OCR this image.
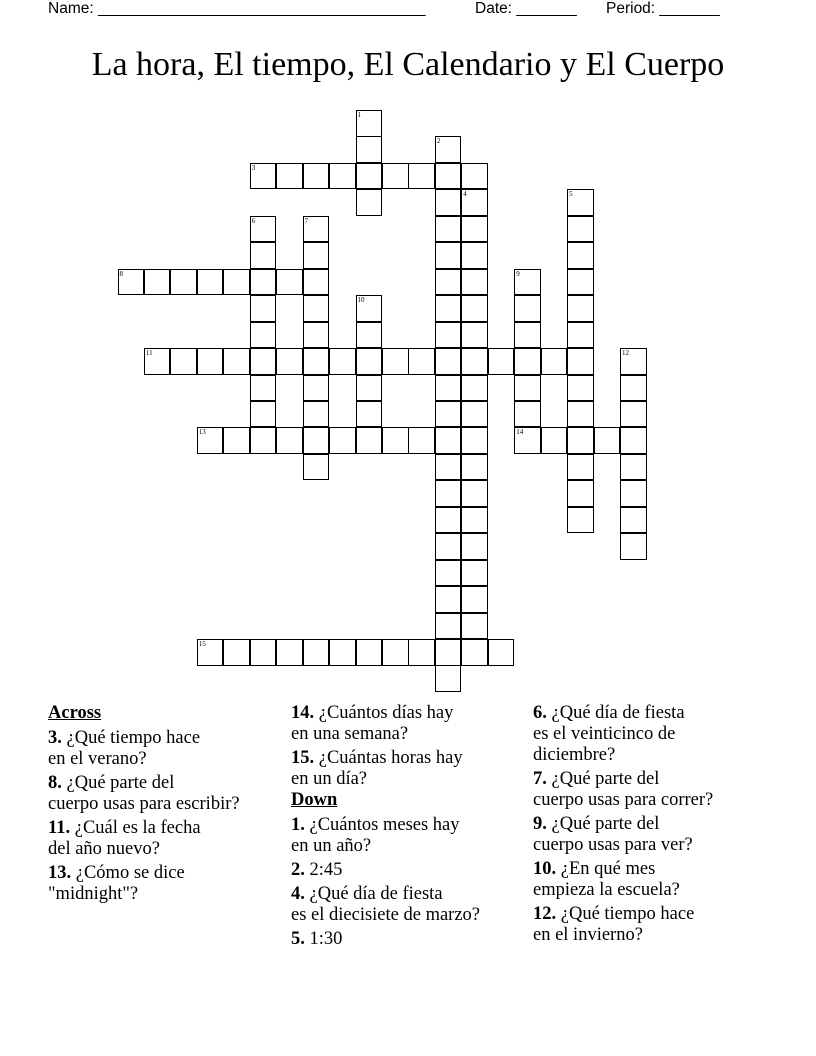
Name: ______________________________________

	Date: _______

Period: _______

La hora, El tiempo, El Calendario y El Cuerpo
1
2
3
4	5
6	7
8	9
10
11	12
13	14
15
Across
3. ¿Qué tiempo hace
en el verano?
8. ¿Qué parte del
cuerpo usas para escribir?
11. ¿Cuál es la fecha
del año nuevo?
13. ¿Cómo se dice
"midnight"?
14. ¿Cuántos días hay
en una semana?
15. ¿Cuántas horas hay
en un día?
Down
1. ¿Cuántos meses hay
en un año?
2. 2:45
4. ¿Qué día de fiesta
es el diecisiete de marzo?
5. 1:30
6. ¿Qué día de fiesta
es el veinticinco de
diciembre?
7. ¿Qué parte del
cuerpo usas para correr?
9. ¿Qué parte del
cuerpo usas para ver?
10. ¿En qué mes
empieza la escuela?
12. ¿Qué tiempo hace
en el invierno?
